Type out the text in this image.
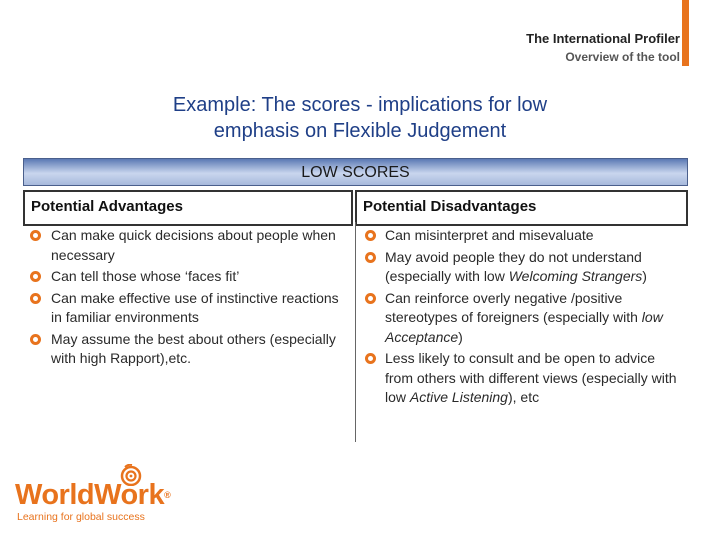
The International Profiler
Overview of the tool
Example: The scores - implications for low
emphasis on Flexible Judgement
LOW SCORES
Potential Advantages	Potential Disadvantages
Can make quick decisions about people when necessary
Can tell those whose ‘faces fit’
Can make effective use of instinctive reactions in familiar environments
May assume the best about others (especially with high Rapport),etc.
Can misinterpret and misevaluate
May avoid people they do not understand (especially with low Welcoming Strangers)
Can reinforce overly negative /positive stereotypes of foreigners (especially with low Acceptance)
Less likely to consult and be open to advice from others with different views (especially with low Active Listening), etc
WorldWork®
Learning for global success
